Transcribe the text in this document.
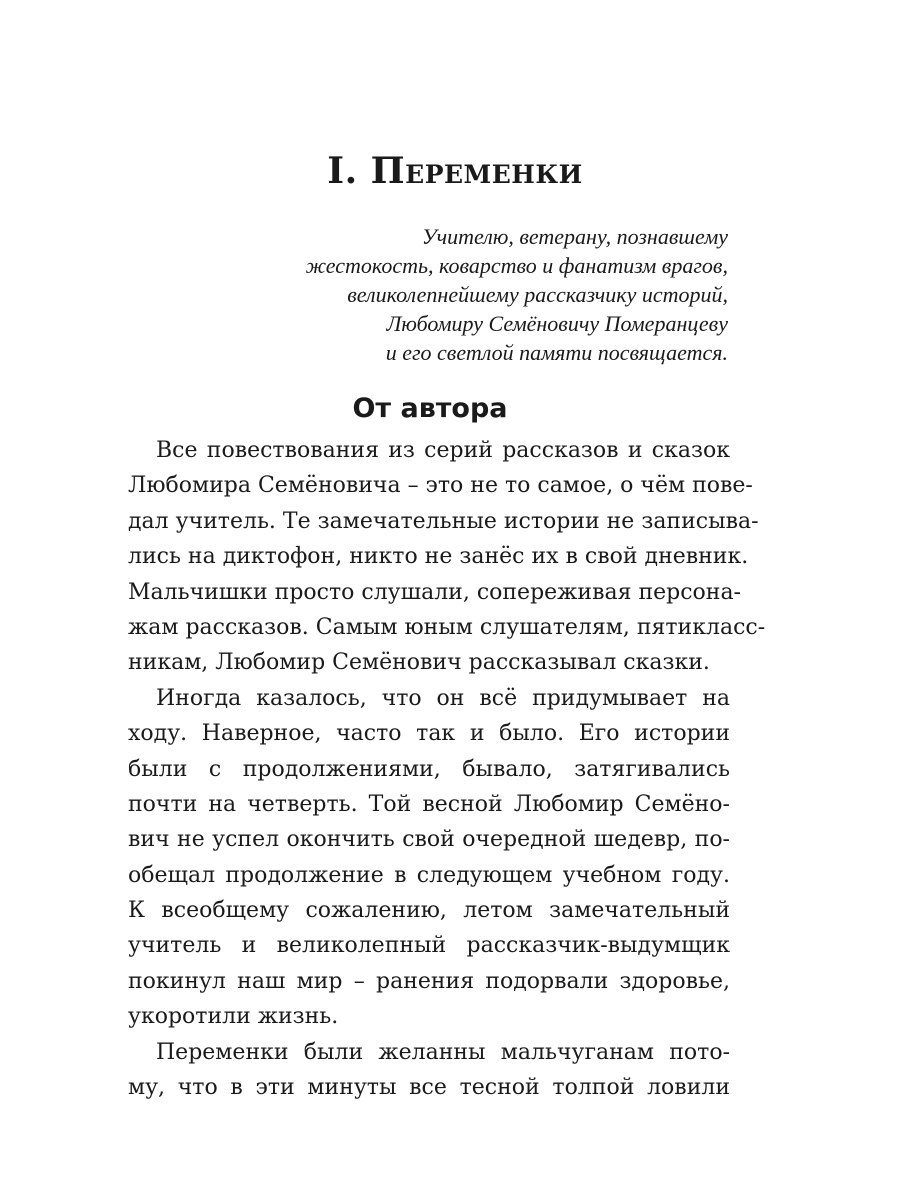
I. Переменки
Учителю, ветерану, познавшему
жестокость, коварство и фанатизм врагов,
великолепнейшему рассказчику историй,
Любомиру Семёновичу Померанцеву
и его светлой памяти посвящается.
От автора
Все повествования из серий рассказов и сказок
Любомира Семёновича – это не то самое, о чём пове-
дал учитель. Те замечательные истории не записыва-
лись на диктофон, никто не занёс их в свой дневник.
Мальчишки просто слушали, сопереживая персона-
жам рассказов. Самым юным слушателям, пятикласс-
никам, Любомир Семёнович рассказывал сказки.
Иногда казалось, что он всё придумывает на
ходу. Наверное, часто так и было. Его истории
были с продолжениями, бывало, затягивались
почти на четверть. Той весной Любомир Семёно-
вич не успел окончить свой очередной шедевр, по-
обещал продолжение в следующем учебном году.
К всеобщему сожалению, летом замечательный
учитель и великолепный рассказчик-выдумщик
покинул наш мир – ранения подорвали здоровье,
укоротили жизнь.
Переменки были желанны мальчуганам пото-
му, что в эти минуты все тесной толпой ловили
